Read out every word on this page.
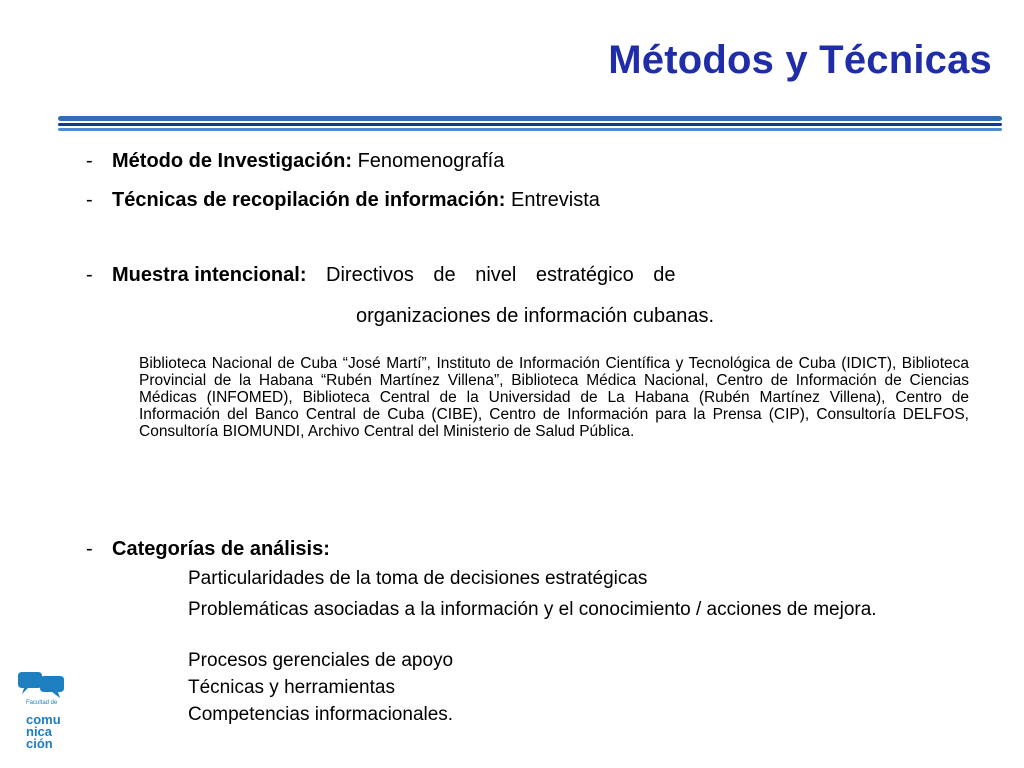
Métodos y Técnicas
- Método de Investigación: Fenomenografía
- Técnicas de recopilación de información: Entrevista
- Muestra intencional: Directivos de nivel estratégico de
organizaciones de información cubanas.

Biblioteca Nacional de Cuba “José Martí”, Instituto de Información Científica y Tecnológica de Cuba (IDICT), Biblioteca Provincial de la Habana “Rubén Martínez Villena”, Biblioteca Médica Nacional, Centro de Información de Ciencias Médicas (INFOMED), Biblioteca Central de la Universidad de La Habana (Rubén Martínez Villena), Centro de Información del Banco Central de Cuba (CIBE), Centro de Información para la Prensa (CIP), Consultoría DELFOS, Consultoría BIOMUNDI, Archivo Central del Ministerio de Salud Pública.

- Categorías de análisis:
Particularidades de la toma de decisiones estratégicas
Problemáticas asociadas a la información y el conocimiento / acciones de mejora.
Procesos gerenciales de apoyo
Técnicas y herramientas
Competencias informacionales.
Facultad de
comu
nica
ción
